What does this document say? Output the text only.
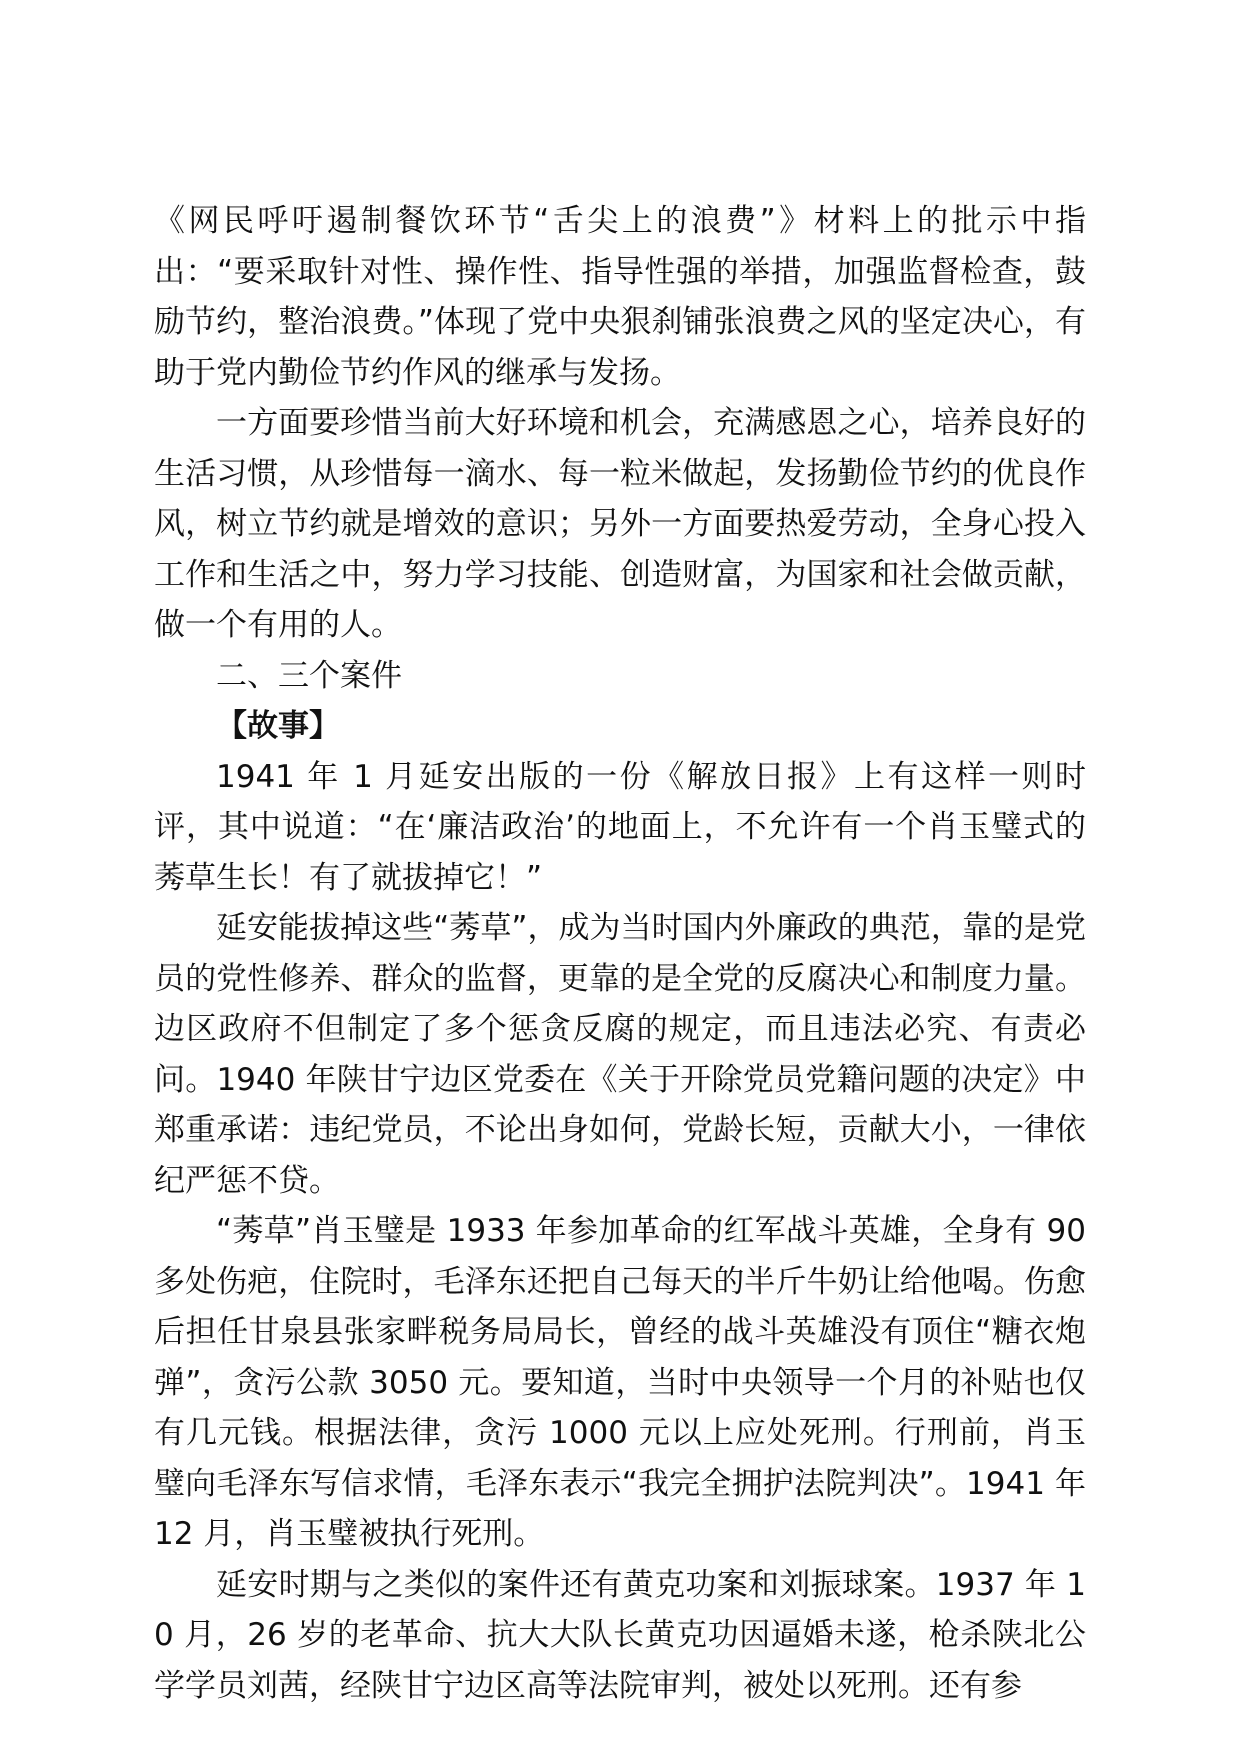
《网民呼吁遏制餐饮环节“舌尖上的浪费”》材料上的批示中指出：“要采取针对性、操作性、指导性强的举措，加强监督检查，鼓励节约，整治浪费。”体现了党中央狠刹铺张浪费之风的坚定决心，有助于党内勤俭节约作风的继承与发扬。

一方面要珍惜当前大好环境和机会，充满感恩之心，培养良好的生活习惯，从珍惜每一滴水、每一粒米做起，发扬勤俭节约的优良作风，树立节约就是增效的意识；另外一方面要热爱劳动，全身心投入工作和生活之中，努力学习技能、创造财富，为国家和社会做贡献，做一个有用的人。

二、三个案件

【故事】

1941 年 1 月延安出版的一份《解放日报》上有这样一则时评，其中说道：“在‘廉洁政治’的地面上，不允许有一个肖玉璧式的莠草生长！有了就拔掉它！”

延安能拔掉这些“莠草”，成为当时国内外廉政的典范，靠的是党员的党性修养、群众的监督，更靠的是全党的反腐决心和制度力量。边区政府不但制定了多个惩贪反腐的规定，而且违法必究、有责必问。1940 年陕甘宁边区党委在《关于开除党员党籍问题的决定》中郑重承诺：违纪党员，不论出身如何，党龄长短，贡献大小，一律依纪严惩不贷。

“莠草”肖玉璧是 1933 年参加革命的红军战斗英雄，全身有 90 多处伤疤，住院时，毛泽东还把自己每天的半斤牛奶让给他喝。伤愈后担任甘泉县张家畔税务局局长，曾经的战斗英雄没有顶住“糖衣炮弹”，贪污公款 3050 元。要知道，当时中央领导一个月的补贴也仅有几元钱。根据法律，贪污 1000 元以上应处死刑。行刑前，肖玉璧向毛泽东写信求情，毛泽东表示“我完全拥护法院判决”。1941 年 12 月，肖玉璧被执行死刑。

延安时期与之类似的案件还有黄克功案和刘振球案。1937 年 10 月，26 岁的老革命、抗大大队长黄克功因逼婚未遂，枪杀陕北公学学员刘茜，经陕甘宁边区高等法院审判，被处以死刑。还有参
